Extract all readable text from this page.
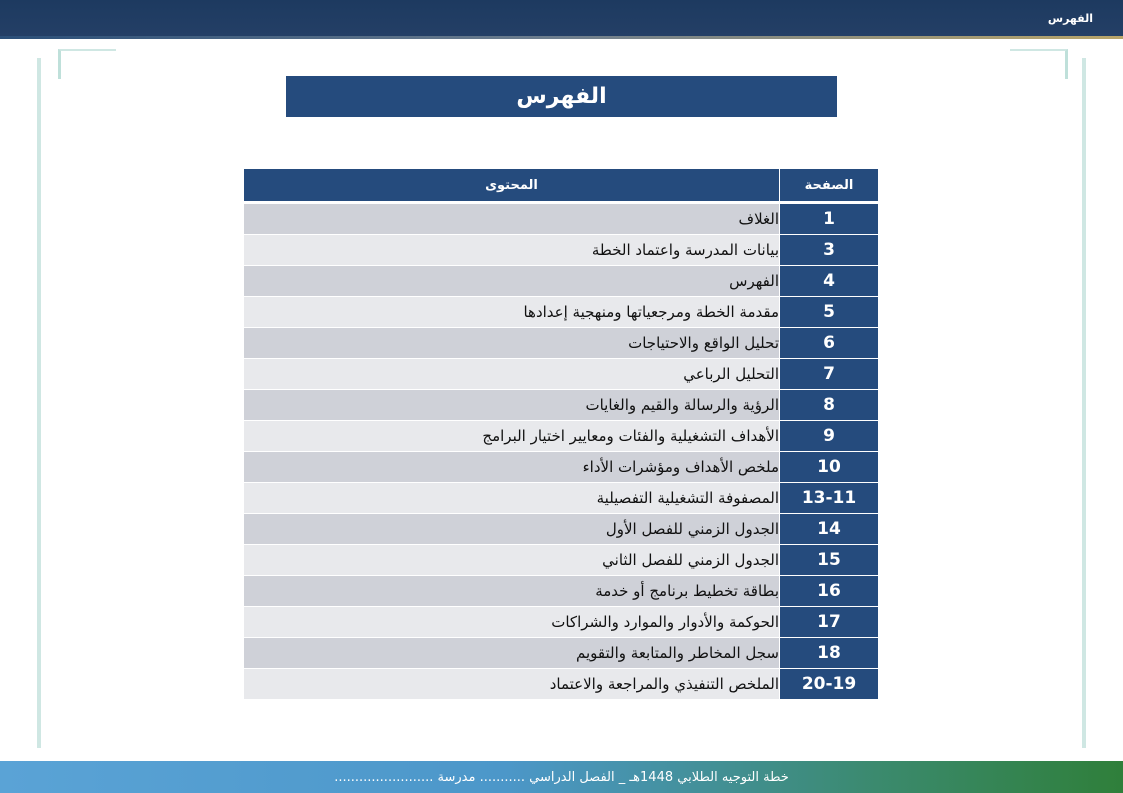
الفهرس
الفهرس
الصفحة	المحتوى
1	الغلاف
3	بيانات المدرسة واعتماد الخطة
4	الفهرس
5	مقدمة الخطة ومرجعياتها ومنهجية إعدادها
6	تحليل الواقع والاحتياجات
7	التحليل الرباعي
8	الرؤية والرسالة والقيم والغايات
9	الأهداف التشغيلية والفئات ومعايير اختيار البرامج
10	ملخص الأهداف ومؤشرات الأداء
13-11	المصفوفة التشغيلية التفصيلية
14	الجدول الزمني للفصل الأول
15	الجدول الزمني للفصل الثاني
16	بطاقة تخطيط برنامج أو خدمة
17	الحوكمة والأدوار والموارد والشراكات
18	سجل المخاطر والمتابعة والتقويم
20-19	الملخص التنفيذي والمراجعة والاعتماد
خطة التوجيه الطلابي 1448هـ _ الفصل الدراسي ........... مدرسة ........................
